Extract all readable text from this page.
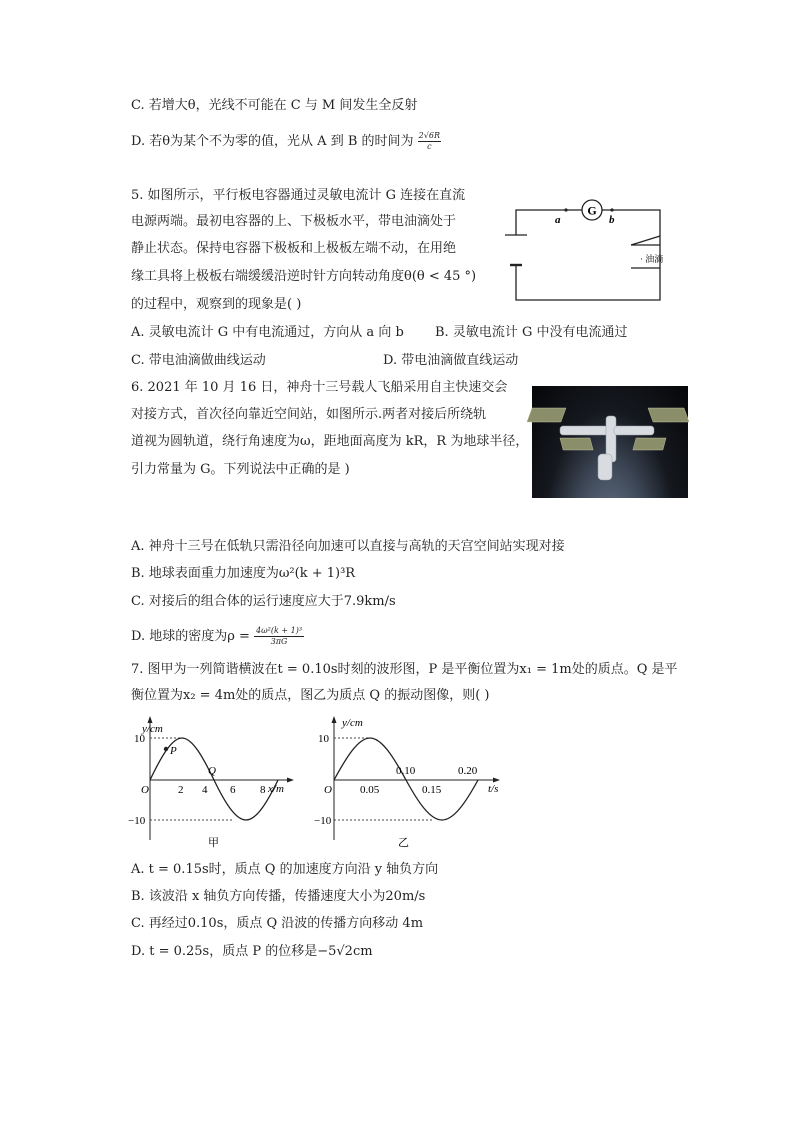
C. 若增大θ，光线不可能在 C 与 M 间发生全反射
D. 若θ为某个不为零的值，光从 A 到 B 的时间为 $\frac{2√6R}{c}$
5. 如图所示，平行板电容器通过灵敏电流计 G 连接在直流
电源两端。最初电容器的上、下极板水平，带电油滴处于
静止状态。保持电容器下极板和上极板左端不动，在用绝
缘工具将上极板右端缓缓沿逆时针方向转动角度θ(θ < 45 °)
的过程中，观察到的现象是( )
G
a	b
· 油滴
A. 灵敏电流计 G 中有电流通过，方向从 a 向 b B. 灵敏电流计 G 中没有电流通过
C. 带电油滴做曲线运动	D. 带电油滴做直线运动
6. 2021 年 10 月 16 日，神舟十三号载人飞船采用自主快速交会
对接方式，首次径向靠近空间站，如图所示.两者对接后所绕轨
道视为圆轨道，绕行角速度为ω，距地面高度为 kR，R 为地球半径，
引力常量为 G。下列说法中正确的是 )
A. 神舟十三号在低轨只需沿径向加速可以直接与高轨的天宫空间站实现对接
B. 地球表面重力加速度为ω²(k + 1)³R
C. 对接后的组合体的运行速度应大于7.9km/s
D. 地球的密度为$\rho = \frac{\text{4ω²(k + 1)³}}{3\pi G}$
7. 图甲为一列简谐横波在t = 0.10s时刻的波形图，P 是平衡位置为x₁ = 1m处的质点。Q 是平
衡位置为x₂ = 4m处的质点，图乙为质点 Q 的振动图像，则( )
y/cm
10
−10
O	2 4 6 8 x/m
P
Q
甲
y/cm
10
−10
O	0.05	0.15
0.10	0.20
t/s
乙
A. t = 0.15s时，质点 Q 的加速度方向沿 y 轴负方向
B. 该波沿 x 轴负方向传播，传播速度大小为20m/s
C. 再经过0.10s，质点 Q 沿波的传播方向移动 4m
D. t = 0.25s，质点 P 的位移是−5√2cm
